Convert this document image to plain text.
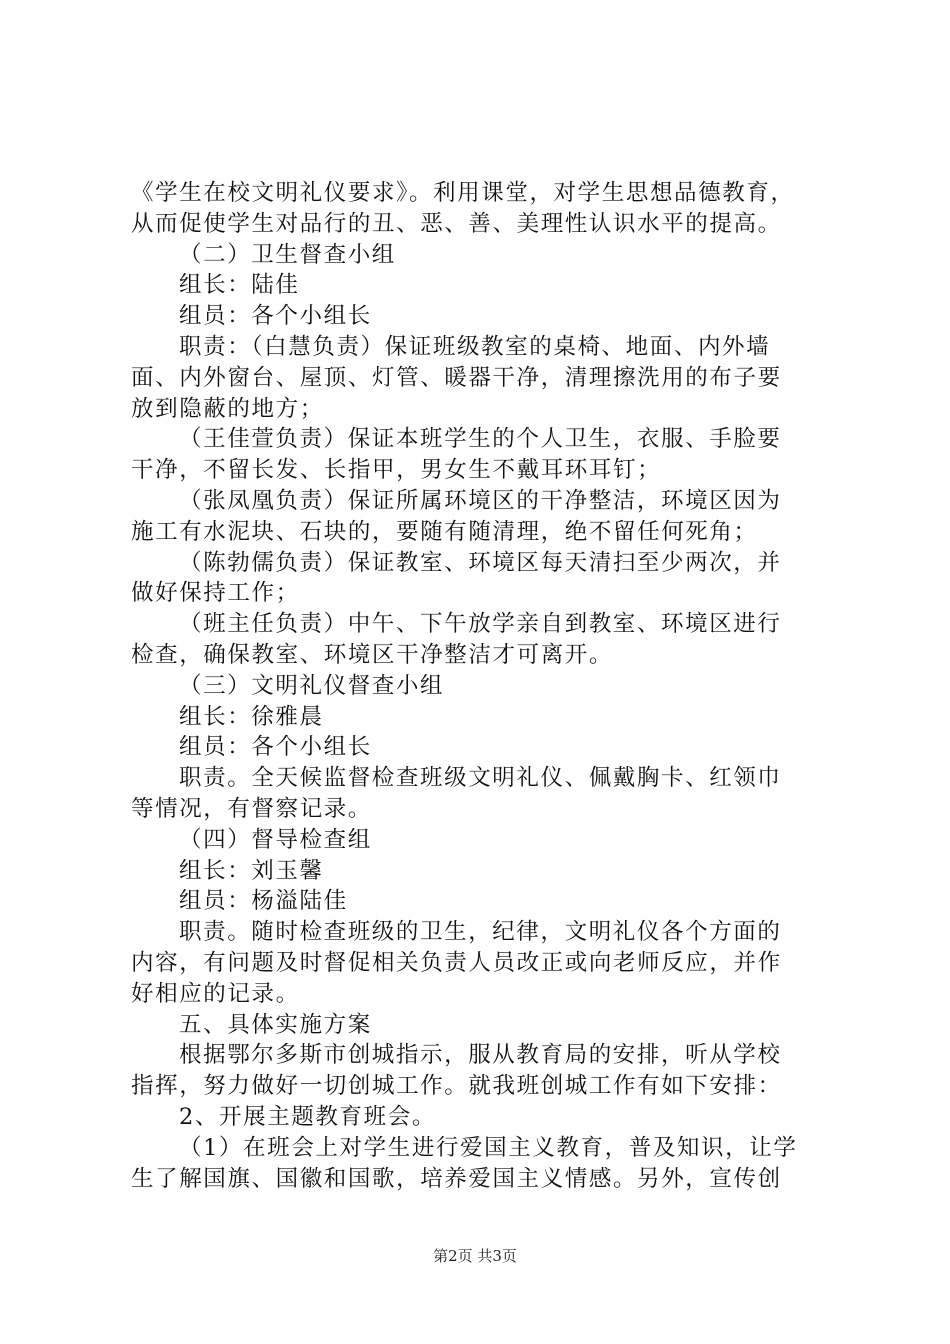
《学生在校文明礼仪要求》。利用课堂，对学生思想品德教育，
从而促使学生对品行的丑、恶、善、美理性认识水平的提高。
（二）卫生督查小组
组长：陆佳
组员：各个小组长
职责：（白慧负责）保证班级教室的桌椅、地面、内外墙
面、内外窗台、屋顶、灯管、暖器干净，清理擦洗用的布子要
放到隐蔽的地方；
（王佳萱负责）保证本班学生的个人卫生，衣服、手脸要
干净，不留长发、长指甲，男女生不戴耳环耳钉；
（张凤凰负责）保证所属环境区的干净整洁，环境区因为
施工有水泥块、石块的，要随有随清理，绝不留任何死角；
（陈勃儒负责）保证教室、环境区每天清扫至少两次，并
做好保持工作；
（班主任负责）中午、下午放学亲自到教室、环境区进行
检查，确保教室、环境区干净整洁才可离开。
（三）文明礼仪督查小组
组长：徐雅晨
组员：各个小组长
职责。全天候监督检查班级文明礼仪、佩戴胸卡、红领巾
等情况，有督察记录。
（四）督导检查组
组长：刘玉馨
组员：杨溢陆佳
职责。随时检查班级的卫生，纪律，文明礼仪各个方面的
内容，有问题及时督促相关负责人员改正或向老师反应，并作
好相应的记录。
五、具体实施方案
根据鄂尔多斯市创城指示，服从教育局的安排，听从学校
指挥，努力做好一切创城工作。就我班创城工作有如下安排：
2、开展主题教育班会。
（1）在班会上对学生进行爱国主义教育，普及知识，让学
生了解国旗、国徽和国歌，培养爱国主义情感。另外，宣传创
第2页 共3页
